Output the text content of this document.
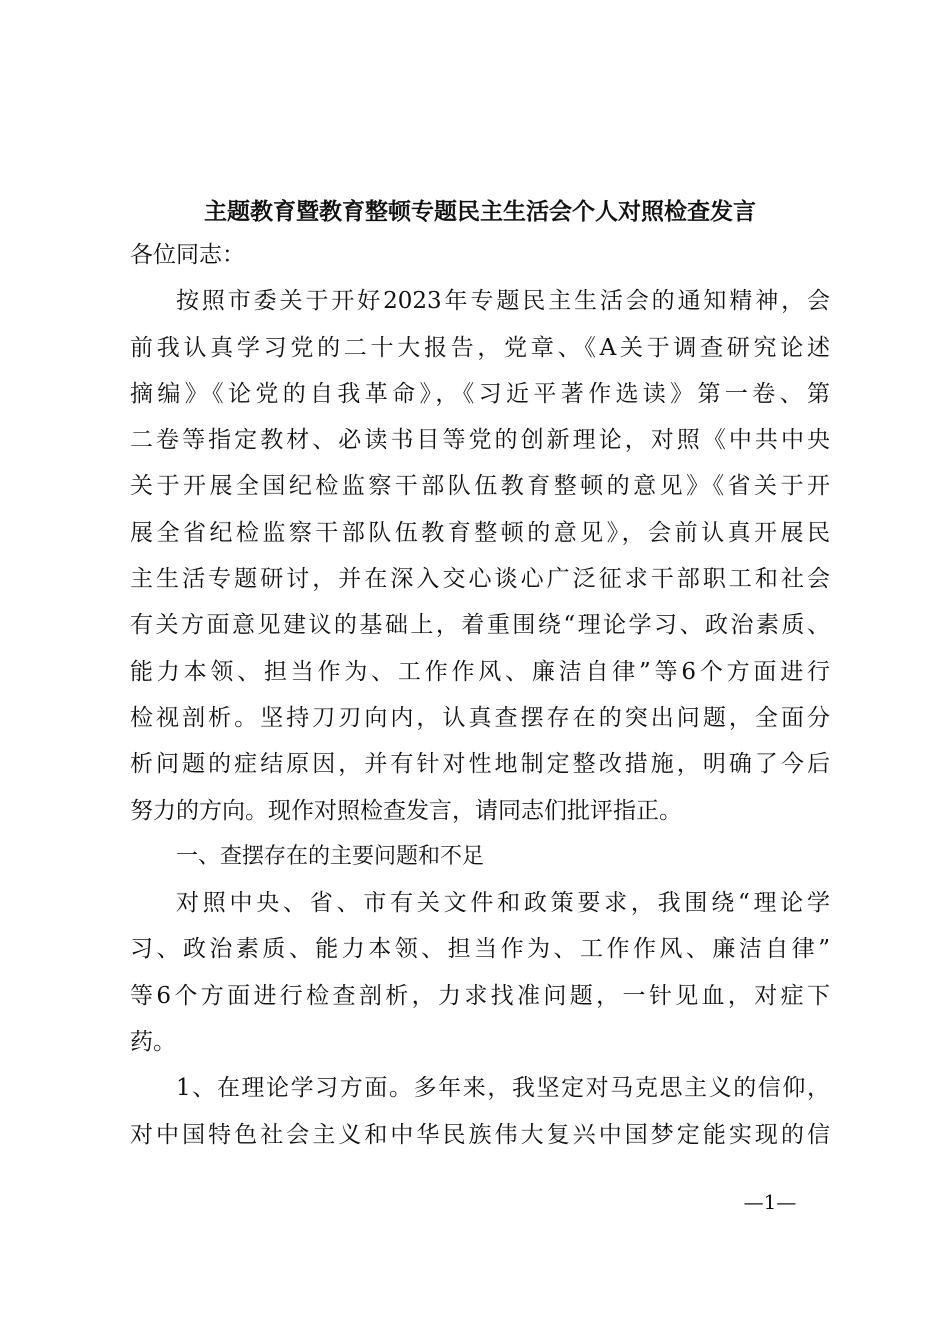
主题教育暨教育整顿专题民主生活会个人对照检查发言
各位同志：
按照市委关于开好2023年专题民主生活会的通知精神，会
前我认真学习党的二十大报告，党章、《A关于调查研究论述
摘编》《论党的自我革命》，《习近平著作选读》第一卷、第
二卷等指定教材、必读书目等党的创新理论，对照《中共中央
关于开展全国纪检监察干部队伍教育整顿的意见》《省关于开
展全省纪检监察干部队伍教育整顿的意见》，会前认真开展民
主生活专题研讨，并在深入交心谈心广泛征求干部职工和社会
有关方面意见建议的基础上，着重围绕“理论学习、政治素质、
能力本领、担当作为、工作作风、廉洁自律”等6个方面进行
检视剖析。坚持刀刃向内，认真查摆存在的突出问题，全面分
析问题的症结原因，并有针对性地制定整改措施，明确了今后
努力的方向。现作对照检查发言，请同志们批评指正。
一、查摆存在的主要问题和不足
对照中央、省、市有关文件和政策要求，我围绕“理论学
习、政治素质、能力本领、担当作为、工作作风、廉洁自律”
等6个方面进行检查剖析，力求找准问题，一针见血，对症下
药。
1、在理论学习方面。多年来，我坚定对马克思主义的信仰，
对中国特色社会主义和中华民族伟大复兴中国梦定能实现的信
—1—
